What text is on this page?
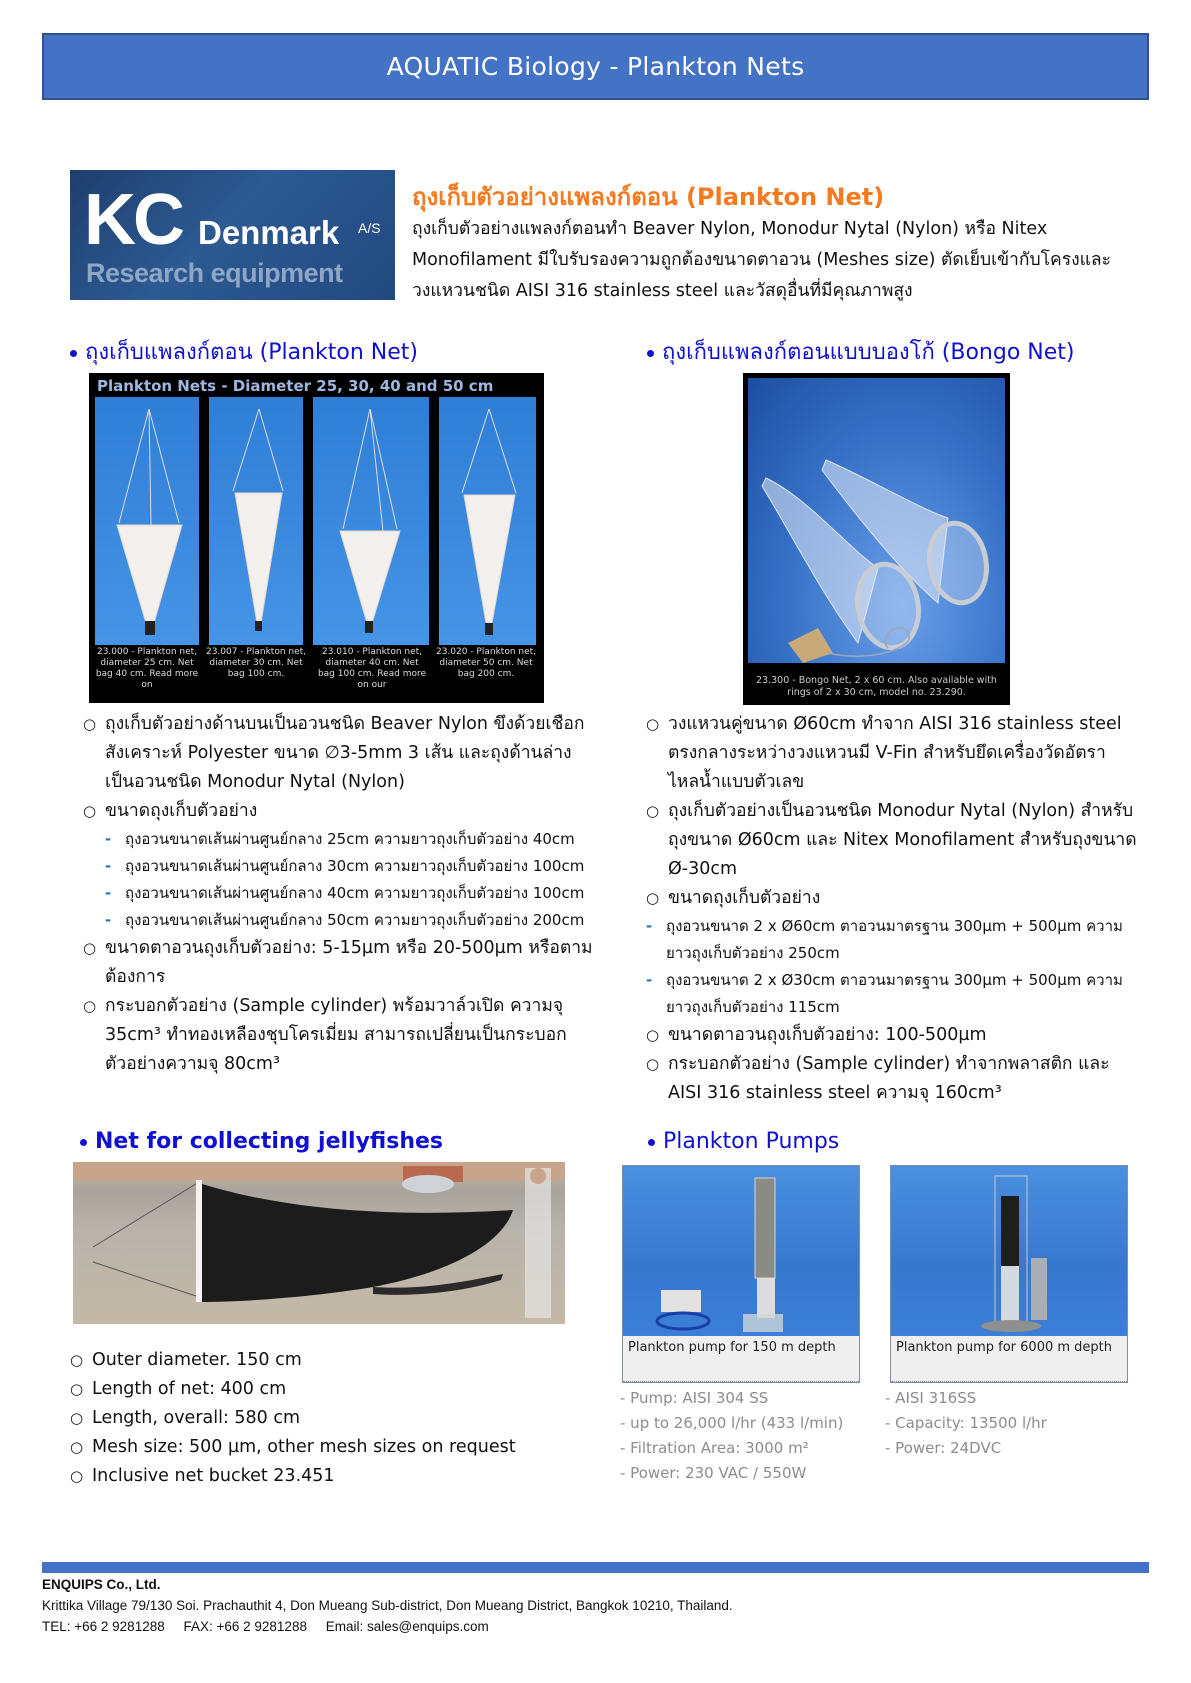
AQUATIC Biology - Plankton Nets
KC Denmark A/S
Research equipment
ถุงเก็บตัวอย่างแพลงก์ตอน (Plankton Net)

ถุงเก็บตัวอย่างแพลงก์ตอนทำ Beaver Nylon, Monodur Nytal (Nylon) หรือ Nitex Monofilament มีใบรับรองความถูกต้องขนาดตาอวน (Meshes size) ตัดเย็บเข้ากับโครงและวงแหวนชนิด AISI 316 stainless steel และวัสดุอื่นที่มีคุณภาพสูง

ถุงเก็บแพลงก์ตอน (Plankton Net)
Plankton Nets - Diameter 25, 30, 40 and 50 cm
23.000 - Plankton net, diameter 25 cm. Net bag 40 cm. Read more on
23.007 - Plankton net, diameter 30 cm. Net bag 100 cm.
23.010 - Plankton net, diameter 40 cm. Net bag 100 cm. Read more on our
23.020 - Plankton net, diameter 50 cm. Net bag 200 cm.
○ ถุงเก็บตัวอย่างด้านบนเป็นอวนชนิด Beaver Nylon ขึงด้วยเชือกสังเคราะห์ Polyester ขนาด ∅3-5mm 3 เส้น และถุงด้านล่างเป็นอวนชนิด Monodur Nytal (Nylon)
○ ขนาดถุงเก็บตัวอย่าง
- ถุงอวนขนาดเส้นผ่านศูนย์กลาง 25cm ความยาวถุงเก็บตัวอย่าง 40cm
- ถุงอวนขนาดเส้นผ่านศูนย์กลาง 30cm ความยาวถุงเก็บตัวอย่าง 100cm
- ถุงอวนขนาดเส้นผ่านศูนย์กลาง 40cm ความยาวถุงเก็บตัวอย่าง 100cm
- ถุงอวนขนาดเส้นผ่านศูนย์กลาง 50cm ความยาวถุงเก็บตัวอย่าง 200cm
○ ขนาดตาอวนถุงเก็บตัวอย่าง: 5-15µm หรือ 20-500µm หรือตามต้องการ
○ กระบอกตัวอย่าง (Sample cylinder) พร้อมวาล์วเปิด ความจุ 35cm³ ทำทองเหลืองชุบโครเมี่ยม สามารถเปลี่ยนเป็นกระบอกตัวอย่างความจุ 80cm³
ถุงเก็บแพลงก์ตอนแบบบองโก้ (Bongo Net)
23.300 - Bongo Net, 2 x 60 cm. Also available with rings of 2 x 30 cm, model no. 23.290.
○ วงแหวนคู่ขนาด Ø60cm ทำจาก AISI 316 stainless steel ตรงกลางระหว่างวงแหวนมี V-Fin สำหรับยึดเครื่องวัดอัตราไหลน้ำแบบตัวเลข
○ ถุงเก็บตัวอย่างเป็นอวนชนิด Monodur Nytal (Nylon) สำหรับถุงขนาด Ø60cm และ Nitex Monofilament สำหรับถุงขนาด Ø-30cm
○ ขนาดถุงเก็บตัวอย่าง
- ถุงอวนขนาด 2 x Ø60cm ตาอวนมาตรฐาน 300µm + 500µm ความยาวถุงเก็บตัวอย่าง 250cm
- ถุงอวนขนาด 2 x Ø30cm ตาอวนมาตรฐาน 300µm + 500µm ความยาวถุงเก็บตัวอย่าง 115cm
○ ขนาดตาอวนถุงเก็บตัวอย่าง: 100-500µm
○ กระบอกตัวอย่าง (Sample cylinder) ทำจากพลาสติก และ AISI 316 stainless steel ความจุ 160cm³
Net for collecting jellyfishes
○ Outer diameter. 150 cm
○ Length of net: 400 cm
○ Length, overall: 580 cm
○ Mesh size: 500 µm, other mesh sizes on request
○ Inclusive net bucket 23.451
Plankton Pumps
Plankton pump for 150 m depth	Plankton pump for 6000 m depth
- Pump: AISI 304 SS
- up to 26,000 l/hr (433 l/min)
- Filtration Area: 3000 m²
- Power: 230 VAC / 550W
- AISI 316SS
- Capacity: 13500 l/hr
- Power: 24DVC
ENQUIPS Co., Ltd.
Krittika Village 79/130 Soi. Prachauthit 4, Don Mueang Sub-district, Don Mueang District, Bangkok 10210, Thailand.
TEL: +66 2 9281288     FAX: +66 2 9281288     Email: sales@enquips.com
